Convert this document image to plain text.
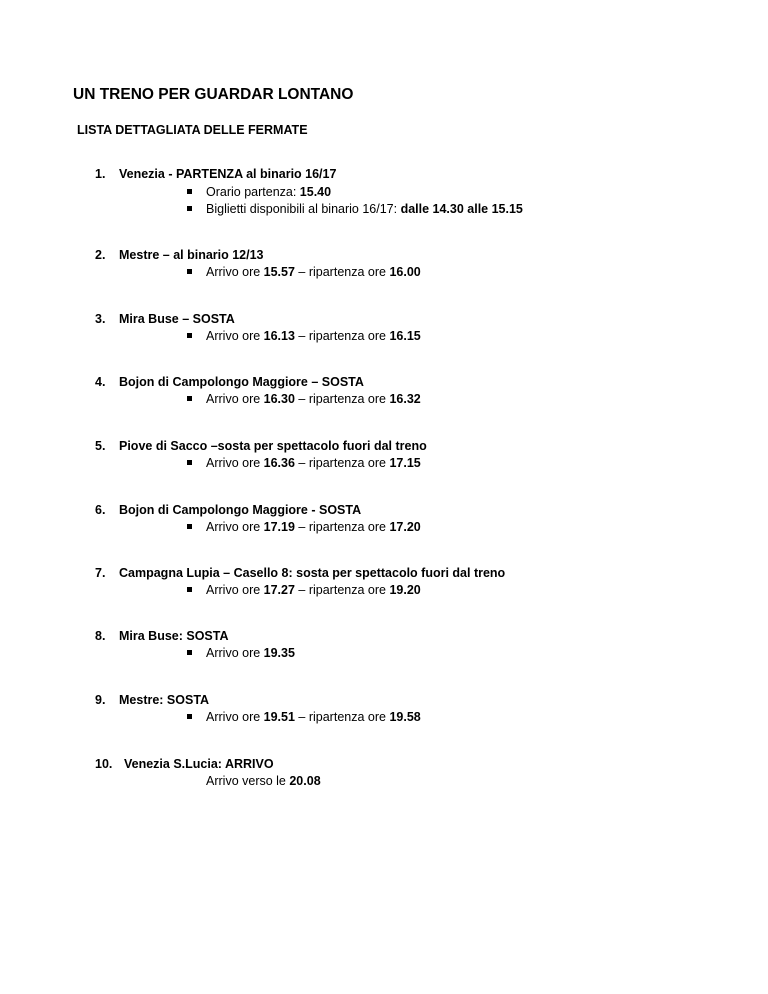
UN TRENO PER GUARDAR LONTANO
LISTA DETTAGLIATA DELLE FERMATE
1. Venezia - PARTENZA al binario 16/17
Orario partenza: 15.40
Biglietti disponibili al binario 16/17: dalle 14.30 alle 15.15
2. Mestre – al binario 12/13
Arrivo ore 15.57 – ripartenza ore 16.00
3. Mira Buse – SOSTA
Arrivo ore 16.13 – ripartenza ore 16.15
4. Bojon di Campolongo Maggiore – SOSTA
Arrivo ore 16.30 – ripartenza ore 16.32
5. Piove di Sacco –sosta per spettacolo fuori dal treno
Arrivo ore 16.36 – ripartenza ore 17.15
6. Bojon di Campolongo Maggiore - SOSTA
Arrivo ore 17.19 – ripartenza ore 17.20
7. Campagna Lupia – Casello 8: sosta per spettacolo fuori dal treno
Arrivo ore 17.27 – ripartenza ore 19.20
8. Mira Buse: SOSTA
Arrivo ore 19.35
9. Mestre: SOSTA
Arrivo ore 19.51 – ripartenza ore 19.58
10. Venezia S.Lucia: ARRIVO
Arrivo verso le 20.08
